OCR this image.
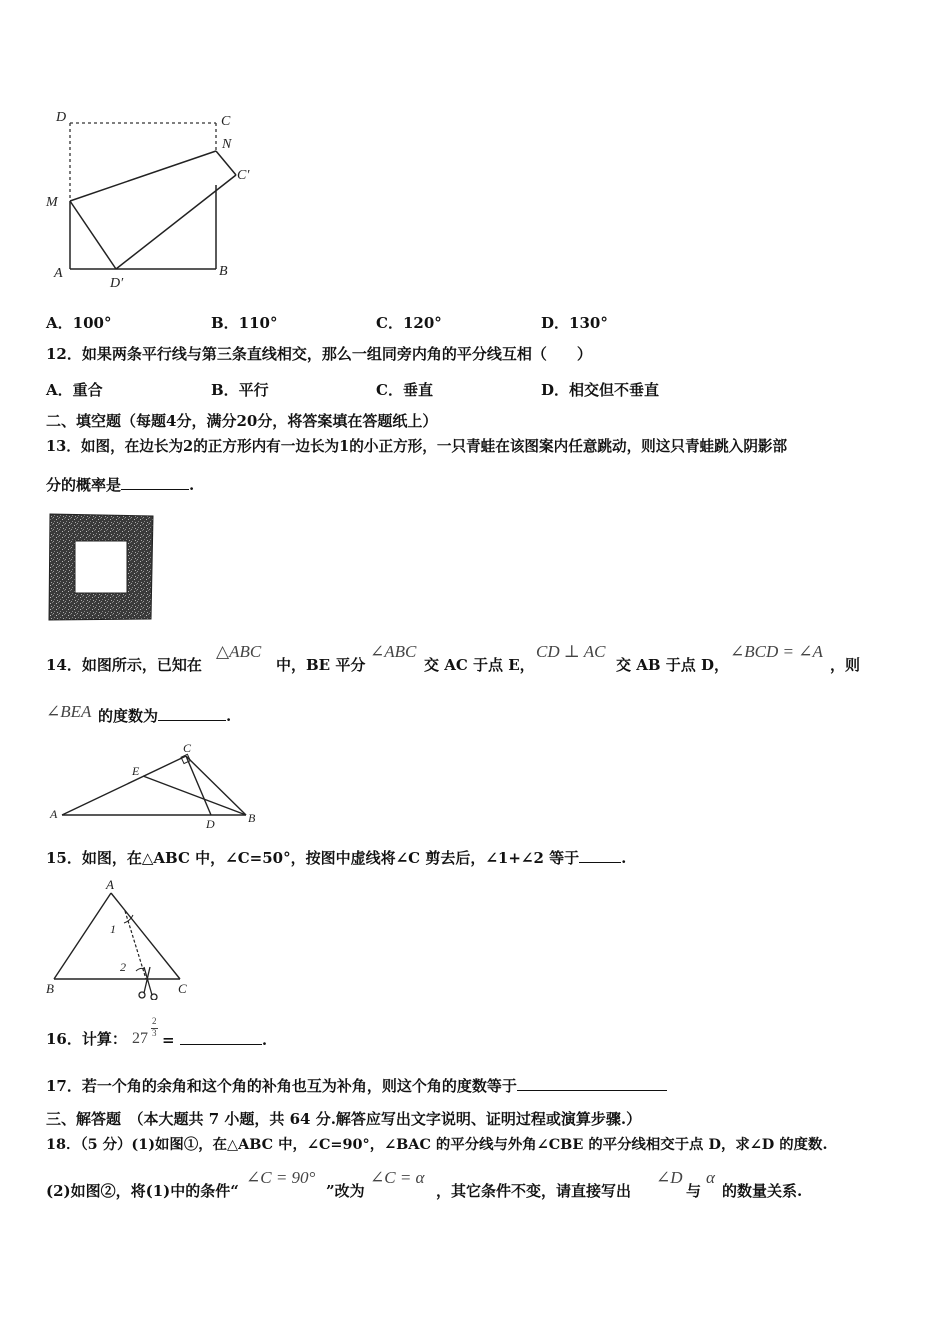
D	C
N
C′
M
A
D′
B
A．100°	B．110°	C．120°	D．130°
12．如果两条平行线与第三条直线相交，那么一组同旁内角的平分线互相（　　）
A．重合	B．平行	C．垂直	D．相交但不垂直
二、填空题（每题4分，满分20分，将答案填在答题纸上）
13．如图，在边长为2的正方形内有一边长为1的小正方形，一只青蛙在该图案内任意跳动，则这只青蛙跳入阴影部
分的概率是	.
14．如图所示，已知在
△ABC
中，BE 平分
∠ABC
交 AC 于点 E，
CD ⊥ AC
交 AB 于点 D，
∠BCD = ∠A
，则
∠BEA 的度数为	.
A	B
C
D
E
15．如图，在△ABC 中，∠C=50°，按图中虚线将∠C 剪去后，∠1+∠2 等于	.
A
B	C
1
2
16．计算： 27
2
3 =	.
17．若一个角的余角和这个角的补角也互为补角，则这个角的度数等于
三、解答题　（本大题共 7 小题，共 64 分.解答应写出文字说明、证明过程或演算步骤.）
18．（5 分）(1)如图①，在△ABC 中，∠C=90°，∠BAC 的平分线与外角∠CBE 的平分线相交于点 D，求∠D 的度数.
(2)如图②，将(1)中的条件“
∠C = 90°
”改为
∠C = α
，其它条件不变，请直接写出
∠D
与
α
的数量关系.
